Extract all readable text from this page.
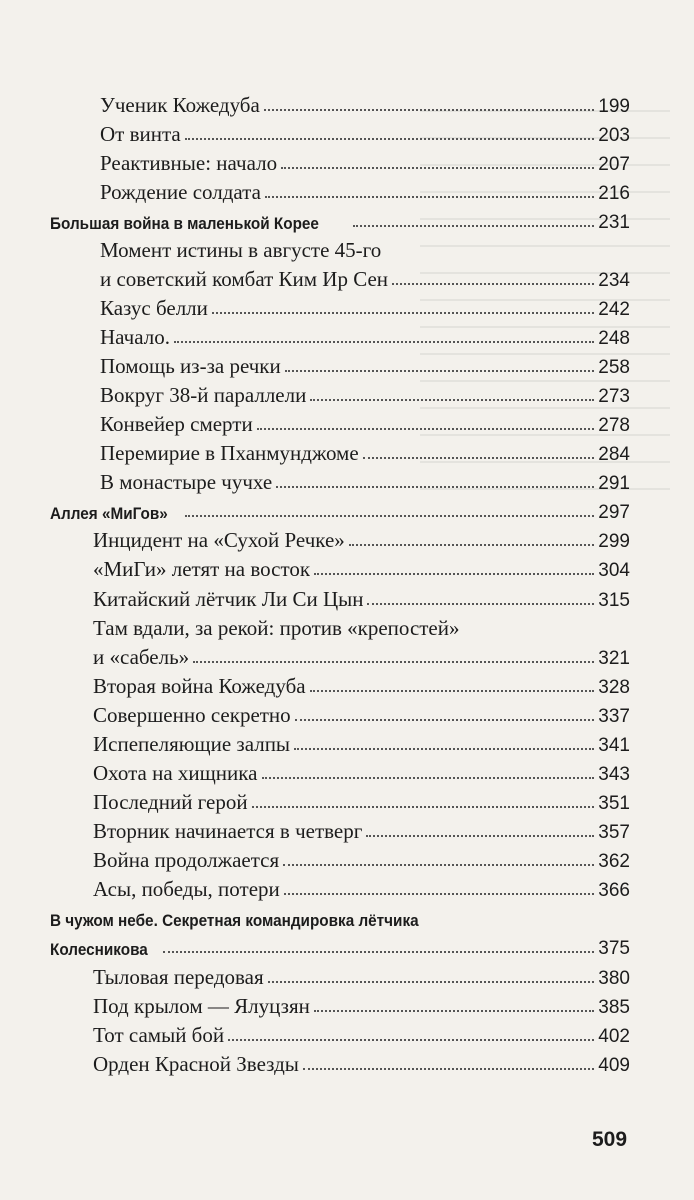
Ученик Кожедуба	199
От винта	203
Реактивные: начало	207
Рождение солдата	216
Большая война в маленькой Корее	231
Момент истины в августе 45-го
и советский комбат Ким Ир Сен	234
Казус белли	242
Начало.	248
Помощь из-за речки	258
Вокруг 38-й параллели	273
Конвейер смерти	278
Перемирие в Пханмунджоме	284
В монастыре чучхе	291
Аллея «МиГов»	297
Инцидент на «Сухой Речке»	299
«МиГи» летят на восток	304
Китайский лётчик Ли Си Цын	315
Там вдали, за рекой: против «крепостей»
и «сабель»	321
Вторая война Кожедуба	328
Совершенно секретно	337
Испепеляющие залпы	341
Охота на хищника	343
Последний герой	351
Вторник начинается в четверг	357
Война продолжается	362
Асы, победы, потери	366
В чужом небе. Секретная командировка лётчика
Колесникова	375
Тыловая передовая	380
Под крылом — Ялуцзян	385
Тот самый бой	402
Орден Красной Звезды	409
509
